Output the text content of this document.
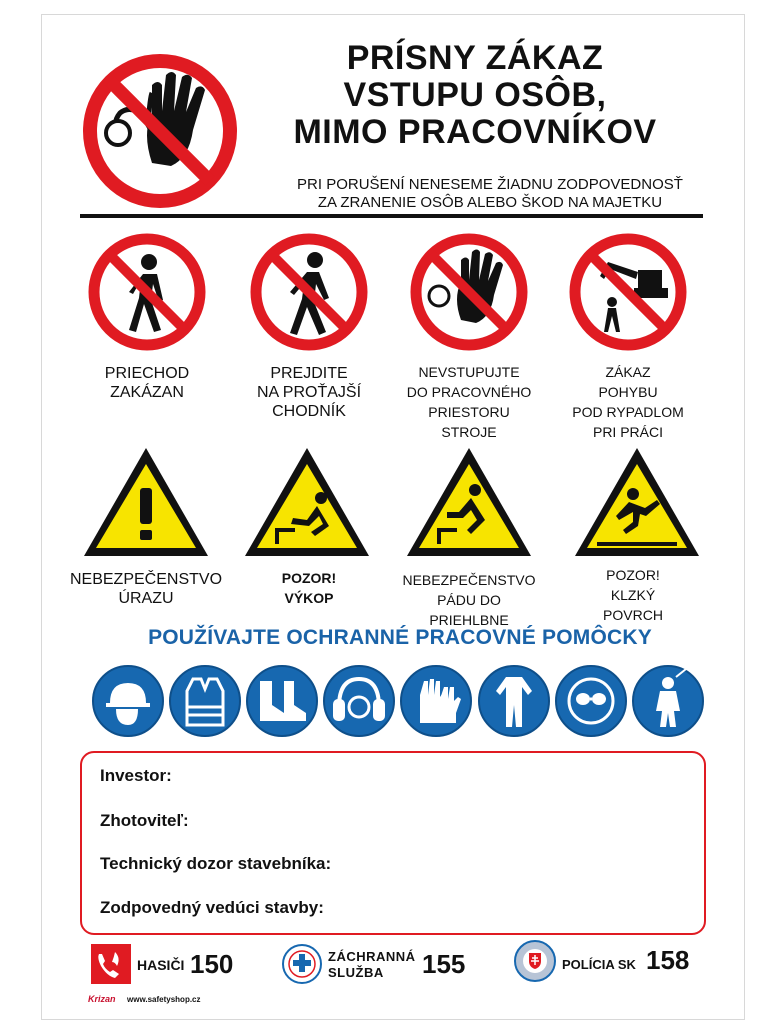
PRÍSNY ZÁKAZ
VSTUPU OSÔB,
MIMO PRACOVNÍKOV
PRI PORUŠENÍ NENESEME ŽIADNU ZODPOVEDNOSŤ
ZA ZRANENIE OSÔB ALEBO ŠKOD NA MAJETKU
PRIECHOD
ZAKÁZAN
PREJDITE
NA PROŤAJŠÍ
CHODNÍK
NEVSTUPUJTE
DO PRACOVNÉHO
PRIESTORU
STROJE
ZÁKAZ
POHYBU
POD RYPADLOM
PRI PRÁCI
NEBEZPEČENSTVO
ÚRAZU
POZOR!
VÝKOP
NEBEZPEČENSTVO
PÁDU DO
PRIEHLBNE
POZOR!
KLZKÝ
POVRCH
POUŽÍVAJTE OCHRANNÉ PRACOVNÉ POMÔCKY
Investor:
Zhotoviteľ:
Technický dozor stavebníka:
Zodpovedný vedúci stavby:
HASIČI 150	ZÁCHRANNÁ
SLUŽBA	155	POLÍCIA SK 158
Krizan www.safetyshop.cz
